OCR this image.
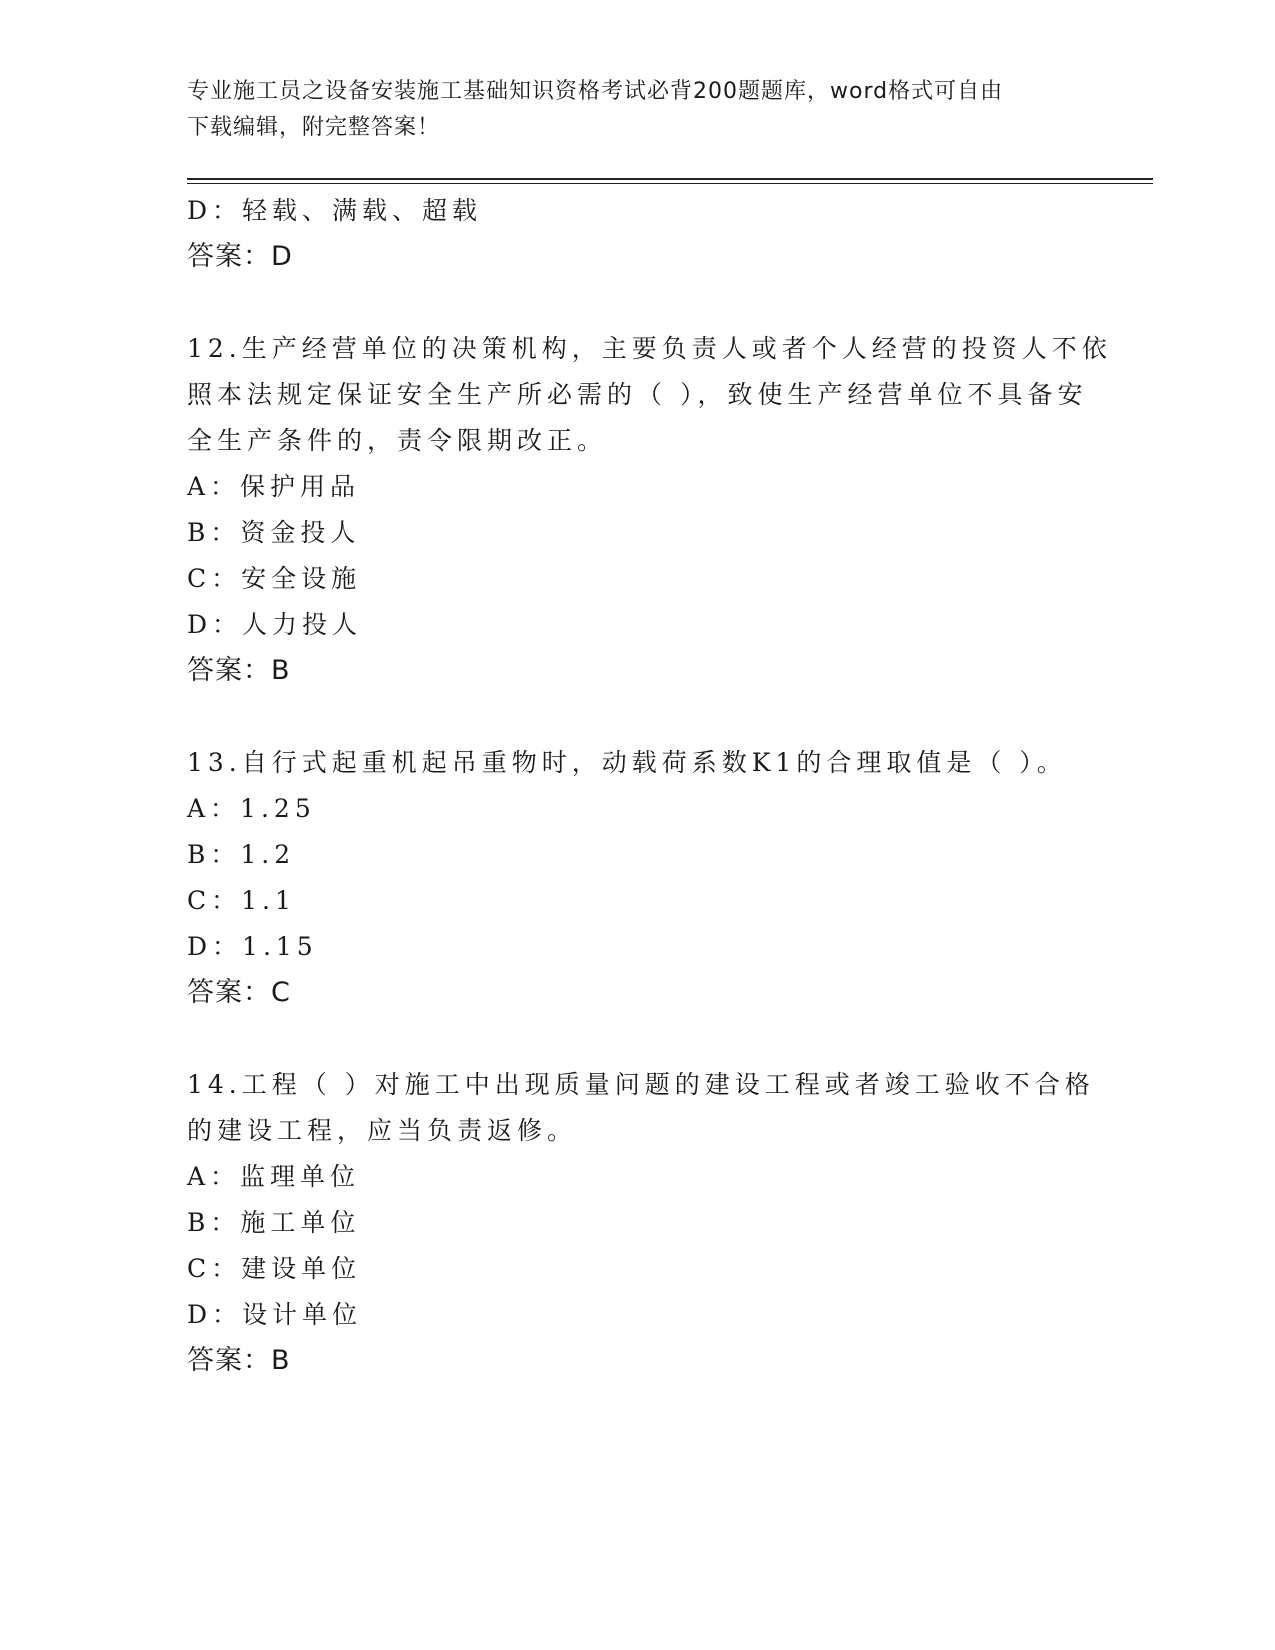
专业施工员之设备安装施工基础知识资格考试必背200题题库，word格式可自由
下载编辑，附完整答案！
D：轻载、满载、超载
答案：D
12.生产经营单位的决策机构，主要负责人或者个人经营的投资人不依
照本法规定保证安全生产所必需的（ ），致使生产经营单位不具备安
全生产条件的，责令限期改正。
A：保护用品
B：资金投人
C：安全设施
D：人力投人
答案：B
13.自行式起重机起吊重物时，动载荷系数K1的合理取值是（ ）。
A：1.25
B：1.2
C：1.1
D：1.15
答案：C
14.工程（ ）对施工中出现质量问题的建设工程或者竣工验收不合格
的建设工程，应当负责返修。
A：监理单位
B：施工单位
C：建设单位
D：设计单位
答案：B
